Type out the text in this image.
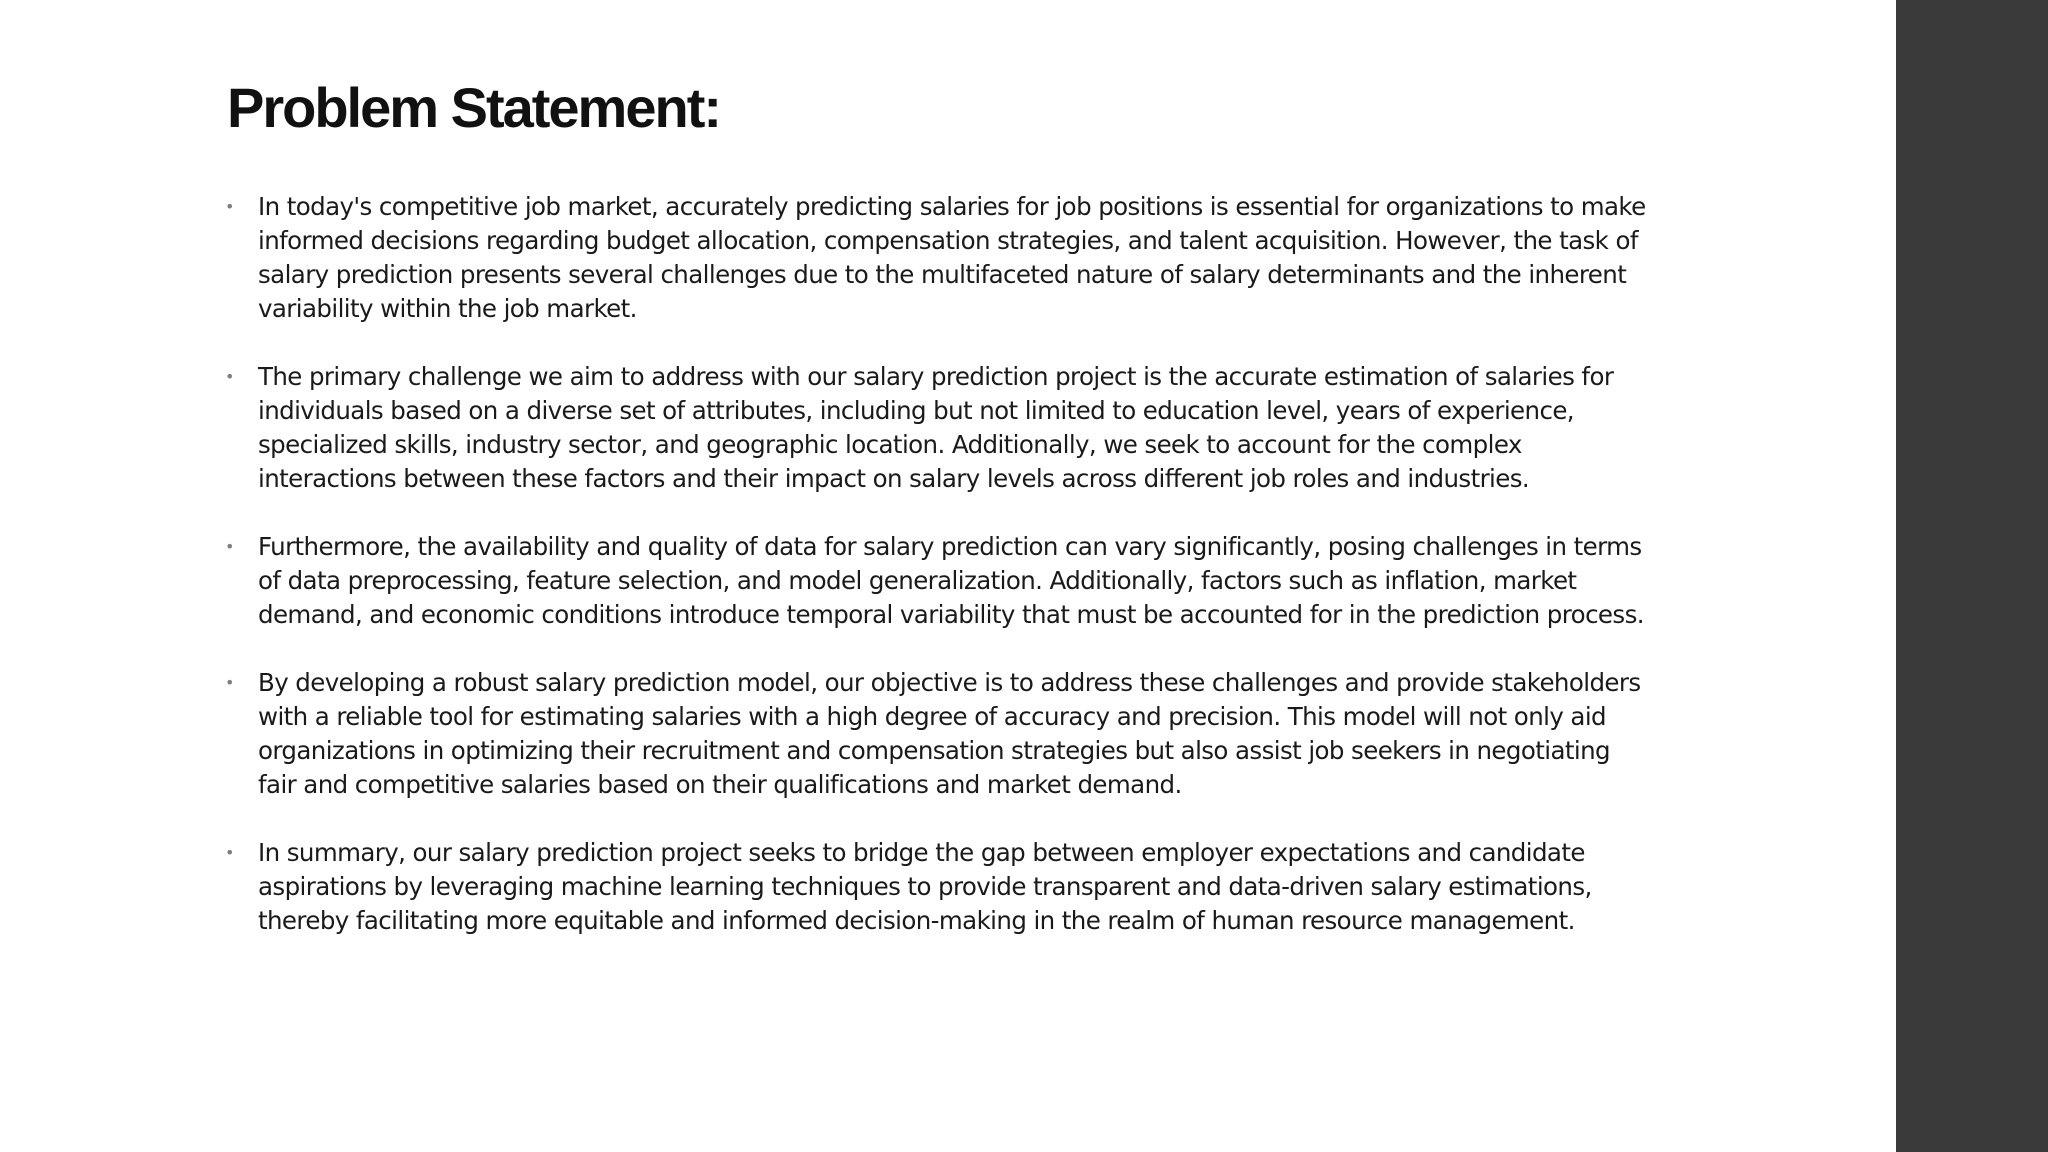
Problem Statement:
• In today's competitive job market, accurately predicting salaries for job positions is essential for organizations to make informed decisions regarding budget allocation, compensation strategies, and talent acquisition. However, the task of salary prediction presents several challenges due to the multifaceted nature of salary determinants and the inherent variability within the job market.
• The primary challenge we aim to address with our salary prediction project is the accurate estimation of salaries for individuals based on a diverse set of attributes, including but not limited to education level, years of experience, specialized skills, industry sector, and geographic location. Additionally, we seek to account for the complex interactions between these factors and their impact on salary levels across different job roles and industries.
• Furthermore, the availability and quality of data for salary prediction can vary significantly, posing challenges in terms of data preprocessing, feature selection, and model generalization. Additionally, factors such as inflation, market demand, and economic conditions introduce temporal variability that must be accounted for in the prediction process.
• By developing a robust salary prediction model, our objective is to address these challenges and provide stakeholders with a reliable tool for estimating salaries with a high degree of accuracy and precision. This model will not only aid organizations in optimizing their recruitment and compensation strategies but also assist job seekers in negotiating fair and competitive salaries based on their qualifications and market demand.
• In summary, our salary prediction project seeks to bridge the gap between employer expectations and candidate aspirations by leveraging machine learning techniques to provide transparent and data-driven salary estimations, thereby facilitating more equitable and informed decision-making in the realm of human resource management.
